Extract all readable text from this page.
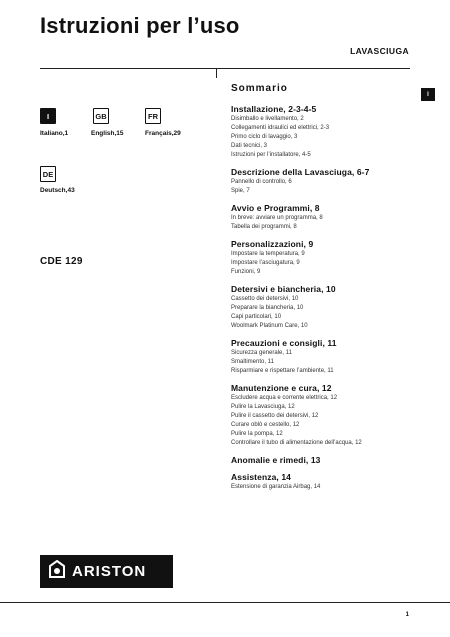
Istruzioni per l’uso
LAVASCIUGA
I
I
Italiano,1
GB
English,15
FR
Français,29
DE
Deutsch,43
CDE 129
Sommario
Installazione, 2-3-4-5
Disimballo e livellamento, 2
Collegamenti idraulici ed elettrici, 2-3
Primo ciclo di lavaggio, 3
Dati tecnici, 3
Istruzioni per l’installatore, 4-5
Descrizione della Lavasciuga, 6-7
Pannello di controllo, 6
Spie, 7
Avvio e Programmi, 8
In breve: avviare un programma, 8
Tabella dei programmi, 8
Personalizzazioni, 9
Impostare la temperatura, 9
Impostare l’asciugatura, 9
Funzioni, 9
Detersivi e biancheria, 10
Cassetto dei detersivi, 10
Preparare la biancheria, 10
Capi particolari, 10
Woolmark Platinum Care, 10
Precauzioni e consigli, 11
Sicurezza generale, 11
Smaltimento, 11
Risparmiare e rispettare l’ambiente, 11
Manutenzione e cura, 12
Escludere acqua e corrente elettrica, 12
Pulire la Lavasciuga, 12
Pulire il cassetto dei detersivi, 12
Curare oblò e cestello, 12
Pulire la pompa, 12
Controllare il tubo di alimentazione dell’acqua, 12
Anomalie e rimedi, 13
Assistenza, 14
Estensione di garanzia Airbag, 14
ARISTON
1
